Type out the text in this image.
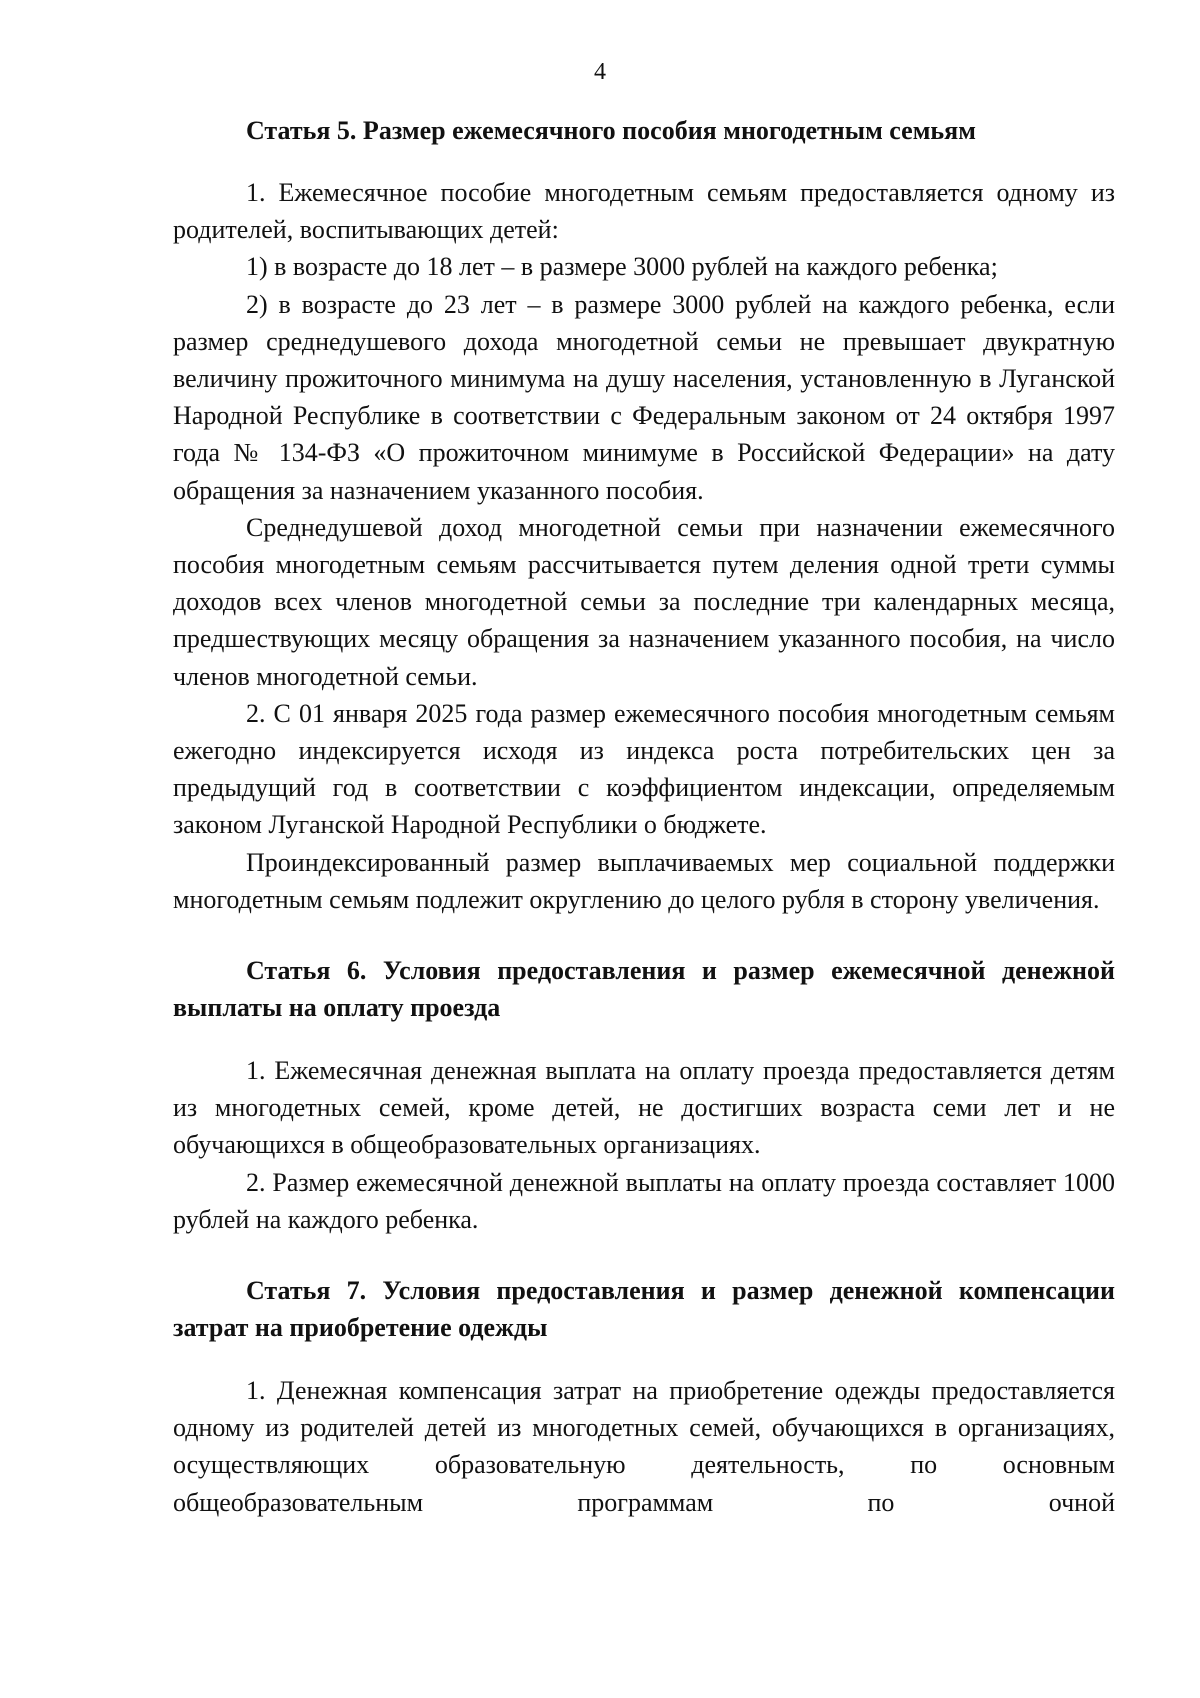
4
Статья 5. Размер ежемесячного пособия многодетным семьям

1. Ежемесячное пособие многодетным семьям предоставляется одному из родителей, воспитывающих детей:

1) в возрасте до 18 лет – в размере 3000 рублей на каждого ребенка;

2) в возрасте до 23 лет – в размере 3000 рублей на каждого ребенка, если размер среднедушевого дохода многодетной семьи не превышает двукратную величину прожиточного минимума на душу населения, установленную в Луганской Народной Республике в соответствии с Федеральным законом от 24 октября 1997 года № 134-ФЗ «О прожиточном минимуме в Российской Федерации» на дату обращения за назначением указанного пособия.

Среднедушевой доход многодетной семьи при назначении ежемесячного пособия многодетным семьям рассчитывается путем деления одной трети суммы доходов всех членов многодетной семьи за последние три календарных месяца, предшествующих месяцу обращения за назначением указанного пособия, на число членов многодетной семьи.

2. С 01 января 2025 года размер ежемесячного пособия многодетным семьям ежегодно индексируется исходя из индекса роста потребительских цен за предыдущий год в соответствии с коэффициентом индексации, определяемым законом Луганской Народной Республики о бюджете.

Проиндексированный размер выплачиваемых мер социальной поддержки многодетным семьям подлежит округлению до целого рубля в сторону увеличения.

Статья 6. Условия предоставления и размер ежемесячной денежной выплаты на оплату проезда

1. Ежемесячная денежная выплата на оплату проезда предоставляется детям из многодетных семей, кроме детей, не достигших возраста семи лет и не обучающихся в общеобразовательных организациях.

2. Размер ежемесячной денежной выплаты на оплату проезда составляет 1000 рублей на каждого ребенка.

Статья 7. Условия предоставления и размер денежной компенсации затрат на приобретение одежды

1. Денежная компенсация затрат на приобретение одежды предоставляется одному из родителей детей из многодетных семей, обучающихся в организациях, осуществляющих образовательную деятельность, по основным общеобразовательным программам по очной
